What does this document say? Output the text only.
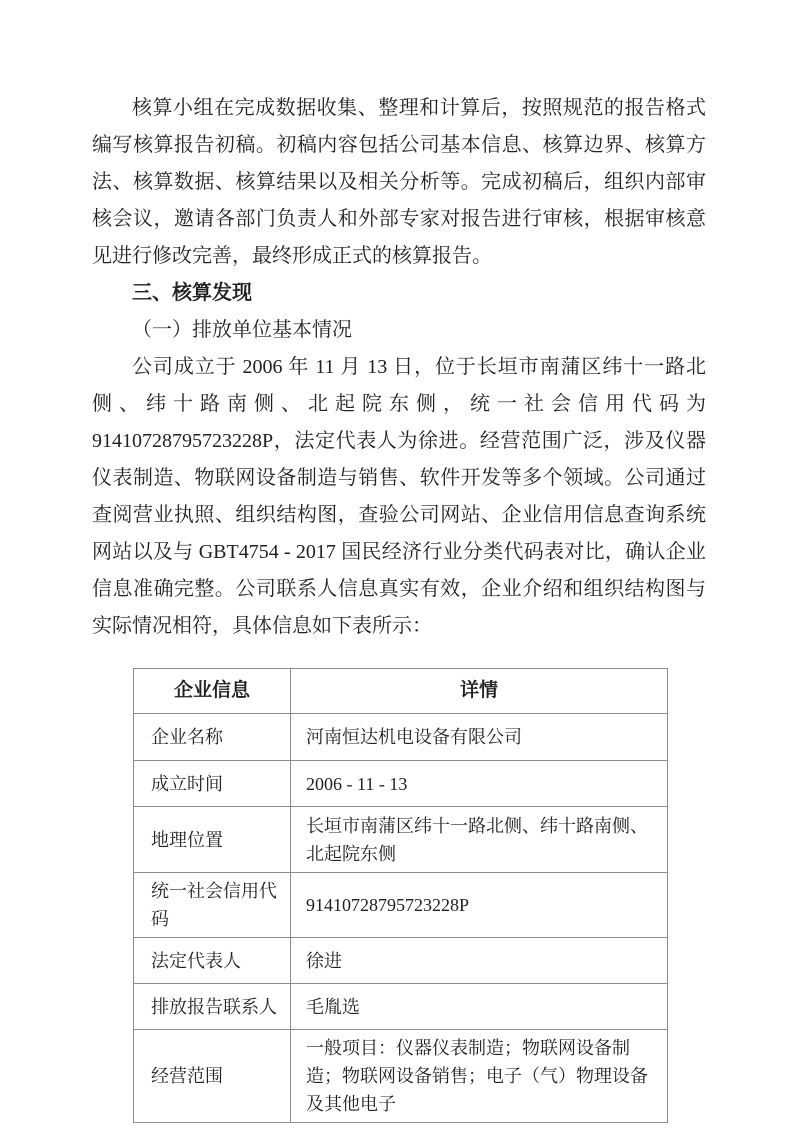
核算小组在完成数据收集、整理和计算后，按照规范的报告格式编写核算报告初稿。初稿内容包括公司基本信息、核算边界、核算方法、核算数据、核算结果以及相关分析等。完成初稿后，组织内部审核会议，邀请各部门负责人和外部专家对报告进行审核，根据审核意见进行修改完善，最终形成正式的核算报告。

三、核算发现

（一）排放单位基本情况

公司成立于 2006 年 11 月 13 日，位于长垣市南蒲区纬十一路北侧、纬十路南侧、北起院东侧，统一社会信用代码为 91410728795723228P，法定代表人为徐进。经营范围广泛，涉及仪器仪表制造、物联网设备制造与销售、软件开发等多个领域。公司通过查阅营业执照、组织结构图，查验公司网站、企业信用信息查询系统网站以及与 GBT4754 - 2017 国民经济行业分类代码表对比，确认企业信息准确完整。公司联系人信息真实有效，企业介绍和组织结构图与实际情况相符，具体信息如下表所示：

企业信息	详情
企业名称	河南恒达机电设备有限公司
成立时间	2006 - 11 - 13
地理位置	长垣市南蒲区纬十一路北侧、纬十路南侧、北起院东侧
统一社会信用代码	91410728795723228P
法定代表人	徐进
排放报告联系人	毛胤选
经营范围	一般项目：仪器仪表制造；物联网设备制造；物联网设备销售；电子（气）物理设备及其他电子
